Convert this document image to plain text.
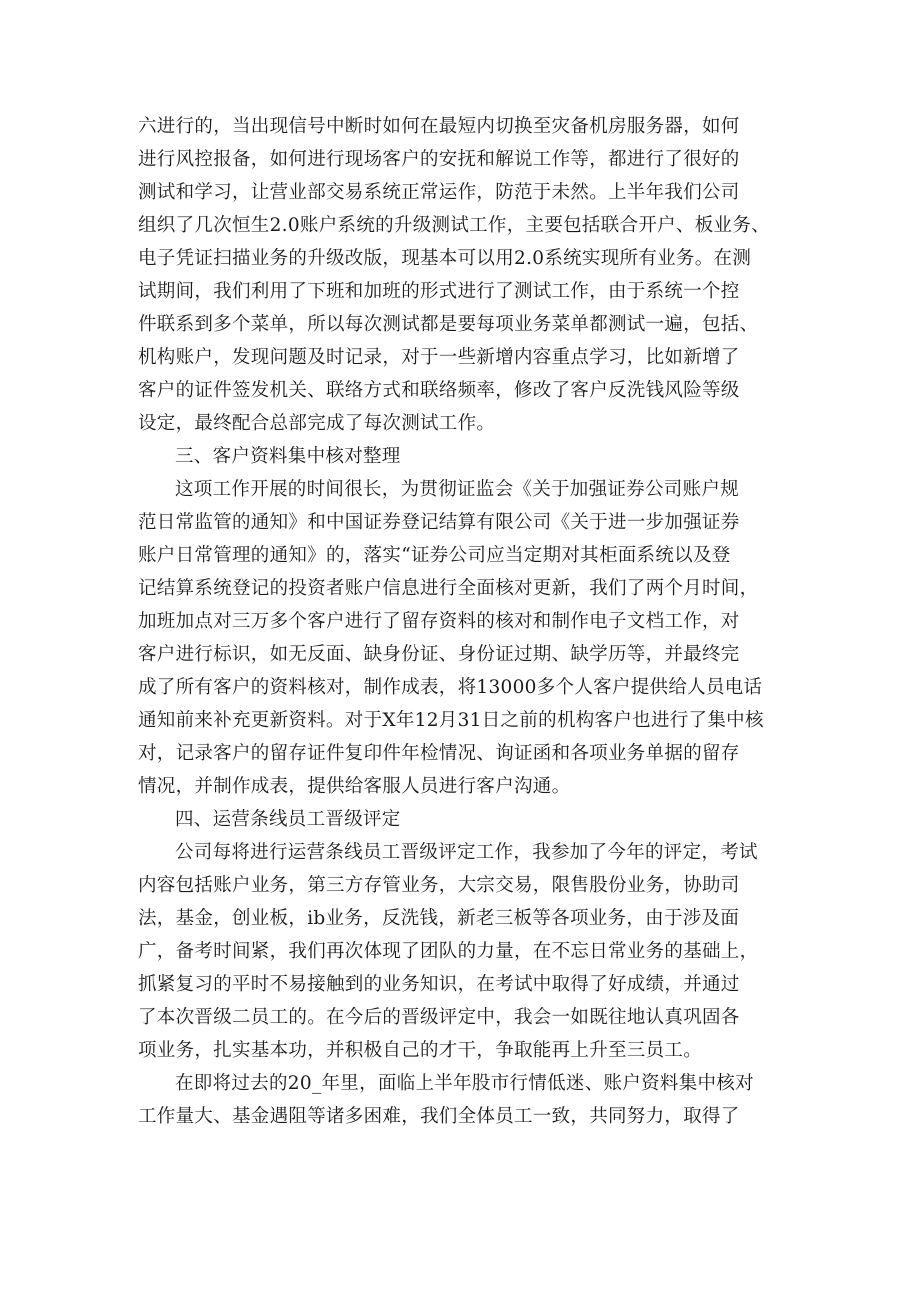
六进行的，当出现信号中断时如何在最短内切换至灾备机房服务器，如何
进行风控报备，如何进行现场客户的安抚和解说工作等，都进行了很好的
测试和学习，让营业部交易系统正常运作，防范于未然。上半年我们公司
组织了几次恒生2.0账户系统的升级测试工作，主要包括联合开户、板业务、
电子凭证扫描业务的升级改版，现基本可以用2.0系统实现所有业务。在测
试期间，我们利用了下班和加班的形式进行了测试工作，由于系统一个控
件联系到多个菜单，所以每次测试都是要每项业务菜单都测试一遍，包括、
机构账户，发现问题及时记录，对于一些新增内容重点学习，比如新增了
客户的证件签发机关、联络方式和联络频率，修改了客户反洗钱风险等级
设定，最终配合总部完成了每次测试工作。
三、客户资料集中核对整理
这项工作开展的时间很长，为贯彻证监会《关于加强证券公司账户规
范日常监管的通知》和中国证券登记结算有限公司《关于进一步加强证券
账户日常管理的通知》的，落实“证券公司应当定期对其柜面系统以及登
记结算系统登记的投资者账户信息进行全面核对更新，我们了两个月时间，
加班加点对三万多个客户进行了留存资料的核对和制作电子文档工作，对
客户进行标识，如无反面、缺身份证、身份证过期、缺学历等，并最终完
成了所有客户的资料核对，制作成表，将13000多个人客户提供给人员电话
通知前来补充更新资料。对于X年12月31日之前的机构客户也进行了集中核
对，记录客户的留存证件复印件年检情况、询证函和各项业务单据的留存
情况，并制作成表，提供给客服人员进行客户沟通。
四、运营条线员工晋级评定
公司每将进行运营条线员工晋级评定工作，我参加了今年的评定，考试
内容包括账户业务，第三方存管业务，大宗交易，限售股份业务，协助司
法，基金，创业板，ib业务，反洗钱，新老三板等各项业务，由于涉及面
广，备考时间紧，我们再次体现了团队的力量，在不忘日常业务的基础上，
抓紧复习的平时不易接触到的业务知识，在考试中取得了好成绩，并通过
了本次晋级二员工的。在今后的晋级评定中，我会一如既往地认真巩固各
项业务，扎实基本功，并积极自己的才干，争取能再上升至三员工。
在即将过去的20_年里，面临上半年股市行情低迷、账户资料集中核对
工作量大、基金遇阻等诸多困难，我们全体员工一致，共同努力，取得了
